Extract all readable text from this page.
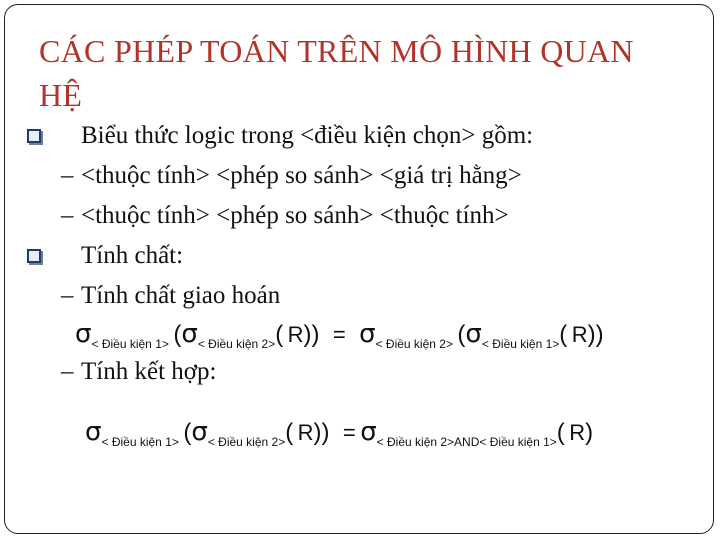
CÁC PHÉP TOÁN TRÊN MÔ HÌNH QUAN HỆ
Biểu thức logic trong <điều kiện chọn> gồm:
– <thuộc tính> <phép so sánh> <giá trị hằng>
– <thuộc tính> <phép so sánh> <thuộc tính>
Tính chất:
– Tính chất giao hoán
$\sigma_{< Điều kiện 1>}$ ($\sigma_{< Điều kiện 2>}$( $R)) = \sigma_{< Điều kiện 2>}$ ($\sigma_{< Điều kiện 1>}$( R))
– Tính kết hợp:
$\sigma_{< Điều kiện 1>}$ ($\sigma_{< Điều kiện 2>}$( $R)) = \sigma_{< Điều kiện 2>AND< Điều kiện 1>}$( R)
